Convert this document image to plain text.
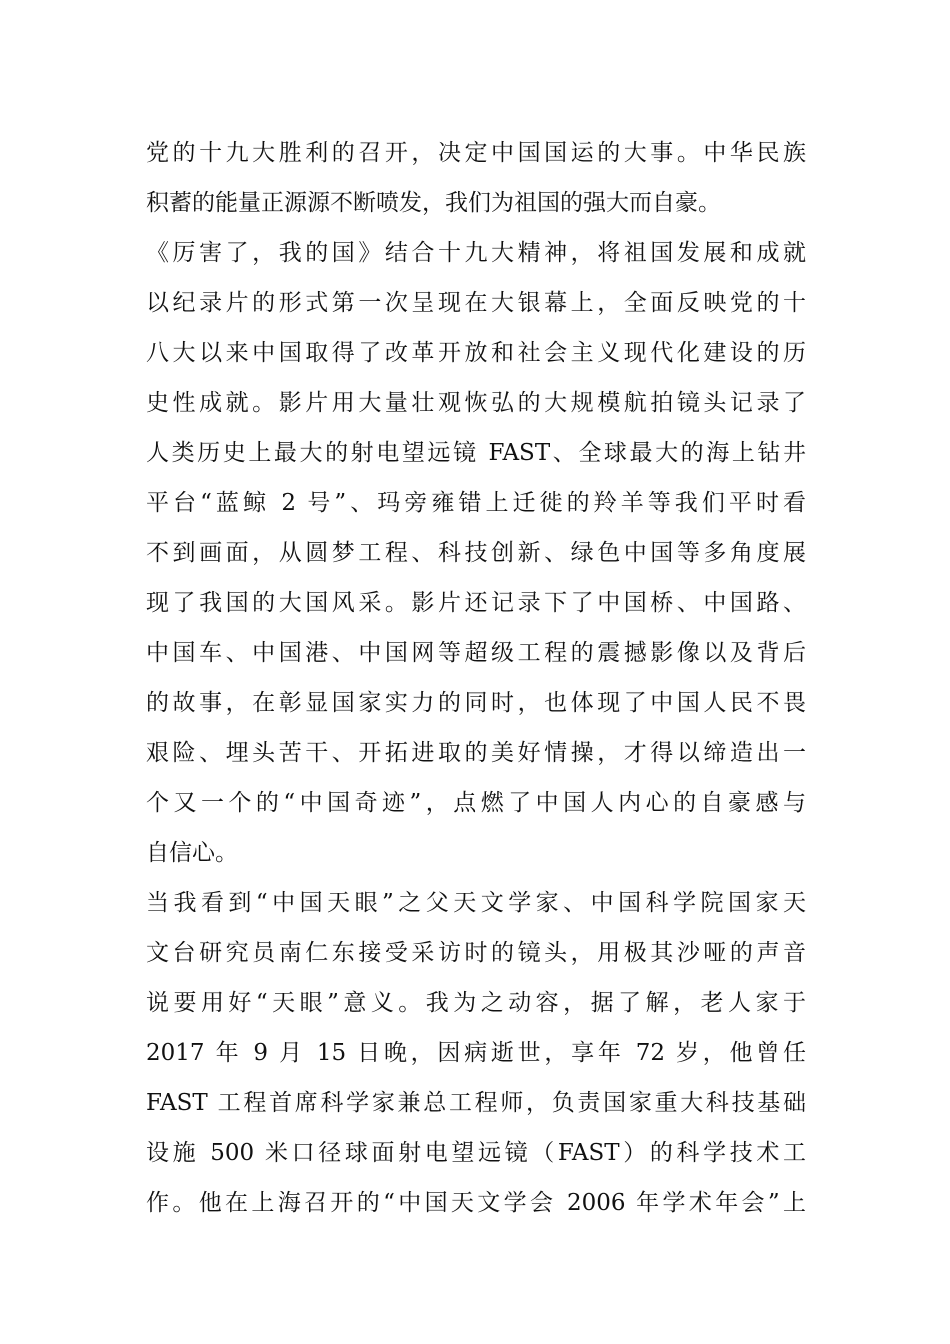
党的十九大胜利的召开，决定中国国运的大事。中华民族
积蓄的能量正源源不断喷发，我们为祖国的强大而自豪。
《厉害了，我的国》结合十九大精神，将祖国发展和成就
以纪录片的形式第一次呈现在大银幕上，全面反映党的十
八大以来中国取得了改革开放和社会主义现代化建设的历
史性成就。影片用大量壮观恢弘的大规模航拍镜头记录了
人类历史上最大的射电望远镜 FAST、全球最大的海上钻井
平台“蓝鲸 2 号”、玛旁雍错上迁徙的羚羊等我们平时看
不到画面，从圆梦工程、科技创新、绿色中国等多角度展
现了我国的大国风采。影片还记录下了中国桥、中国路、
中国车、中国港、中国网等超级工程的震撼影像以及背后
的故事，在彰显国家实力的同时，也体现了中国人民不畏
艰险、埋头苦干、开拓进取的美好情操，才得以缔造出一
个又一个的“中国奇迹”，点燃了中国人内心的自豪感与
自信心。
当我看到“中国天眼”之父天文学家、中国科学院国家天
文台研究员南仁东接受采访时的镜头，用极其沙哑的声音
说要用好“天眼”意义。我为之动容，据了解，老人家于
2017 年 9 月 15 日晚，因病逝世，享年 72 岁，他曾任
FAST 工程首席科学家兼总工程师，负责国家重大科技基础
设施 500 米口径球面射电望远镜（FAST）的科学技术工
作。他在上海召开的“中国天文学会 2006 年学术年会”上
